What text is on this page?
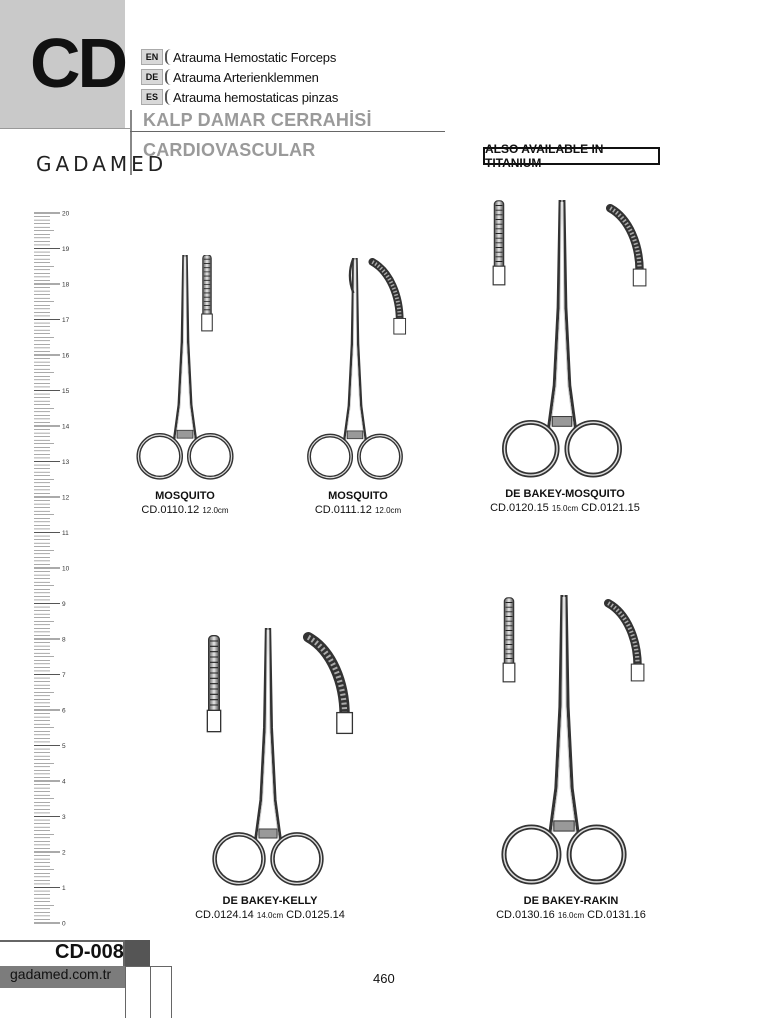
CD	EN	Atrauma Hemostatic Forceps
DE	Atrauma Arterienklemmen
ES	Atrauma hemostaticas pinzas
KALP DAMAR CERRAHİSİ
CARDIOVASCULAR
GADAMED
ALSO AVAILABLE IN TITANIUM
20
19
18
17
16
15
14
13
12
11
10
9
8
7
6
5
4
3
2
1
0
MOSQUITO
CD.0110.12 12.0cm
MOSQUITO
CD.0111.12 12.0cm
DE BAKEY-MOSQUITO
CD.0120.15 15.0cm CD.0121.15
DE BAKEY-KELLY
CD.0124.14 14.0cm CD.0125.14
DE BAKEY-RAKIN
CD.0130.16 16.0cm CD.0131.16
CD-008
gadamed.com.tr	460
